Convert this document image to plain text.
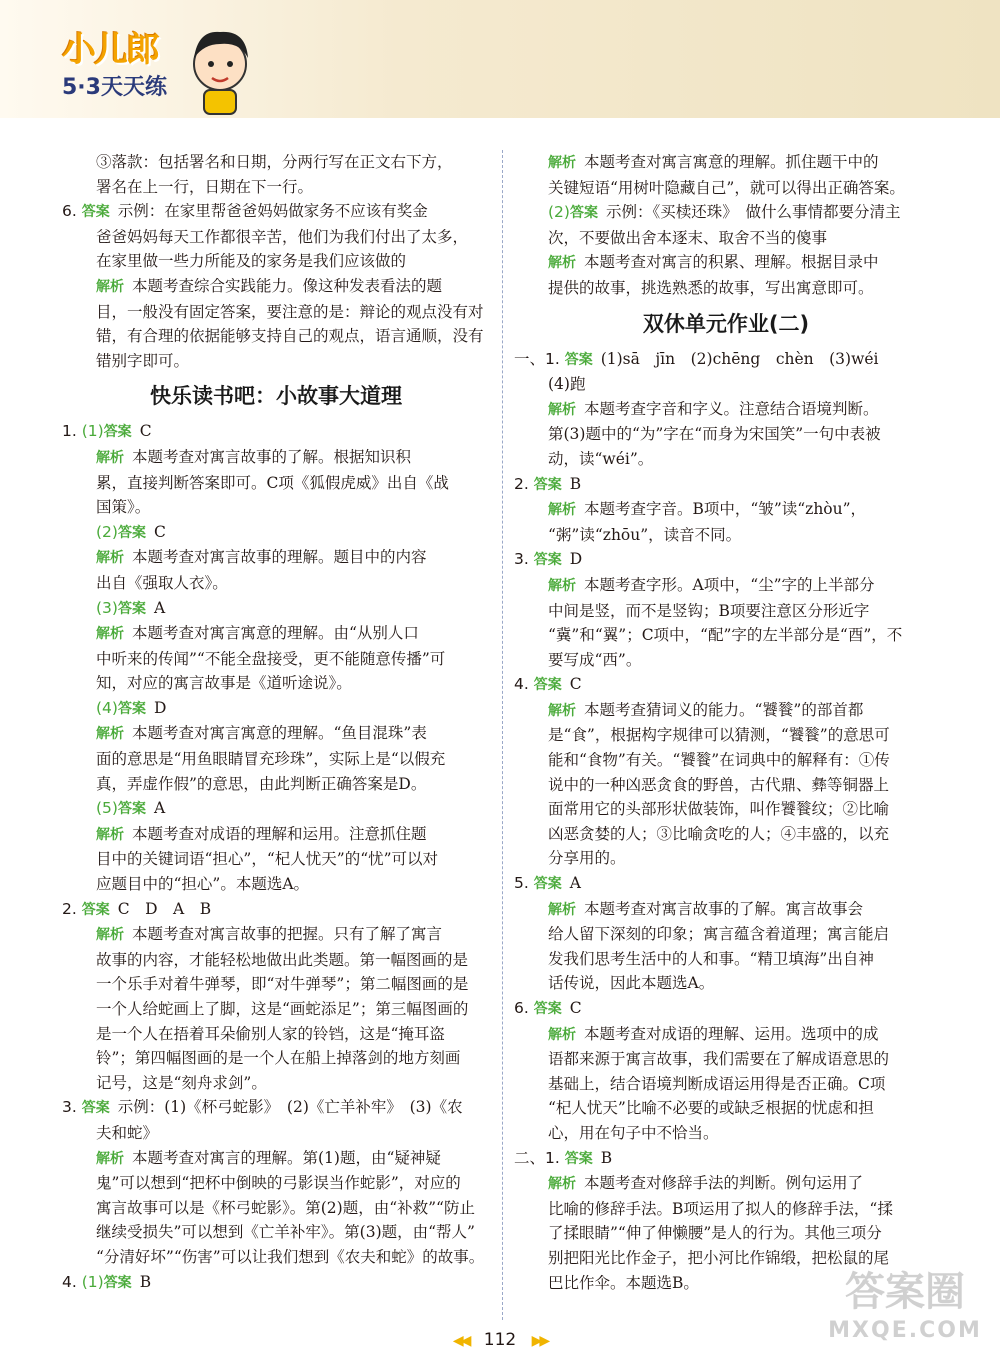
小儿郎
5·3天天练
③落款：包括署名和日期，分两行写在正文右下方，
署名在上一行，日期在下一行。
6. 答案 示例：在家里帮爸爸妈妈做家务不应该有奖金
爸爸妈妈每天工作都很辛苦，他们为我们付出了太多，
在家里做一些力所能及的家务是我们应该做的
解析 本题考查综合实践能力。像这种发表看法的题
目，一般没有固定答案，要注意的是：辩论的观点没有对
错，有合理的依据能够支持自己的观点，语言通顺，没有
错别字即可。
快乐读书吧：小故事大道理
1. (1)答案 C
解析 本题考查对寓言故事的了解。根据知识积
累，直接判断答案即可。C项《狐假虎威》出自《战
国策》。
(2)答案 C
解析 本题考查对寓言故事的理解。题目中的内容
出自《强取人衣》。
(3)答案 A
解析 本题考查对寓言寓意的理解。由“从别人口
中听来的传闻”“不能全盘接受，更不能随意传播”可
知，对应的寓言故事是《道听途说》。
(4)答案 D
解析 本题考查对寓言寓意的理解。“鱼目混珠”表
面的意思是“用鱼眼睛冒充珍珠”，实际上是“以假充
真，弄虚作假”的意思，由此判断正确答案是D。
(5)答案 A
解析 本题考查对成语的理解和运用。注意抓住题
目中的关键词语“担心”，“杞人忧天”的“忧”可以对
应题目中的“担心”。本题选A。
2. 答案 C　D　A　B
解析 本题考查对寓言故事的把握。只有了解了寓言
故事的内容，才能轻松地做出此类题。第一幅图画的是
一个乐手对着牛弹琴，即“对牛弹琴”；第二幅图画的是
一个人给蛇画上了脚，这是“画蛇添足”；第三幅图画的
是一个人在捂着耳朵偷别人家的铃铛，这是“掩耳盗
铃”；第四幅图画的是一个人在船上掉落剑的地方刻画
记号，这是“刻舟求剑”。
3. 答案 示例：(1)《杯弓蛇影》　(2)《亡羊补牢》　(3)《农
夫和蛇》
解析 本题考查对寓言的理解。第(1)题，由“疑神疑
鬼”可以想到“把杯中倒映的弓影误当作蛇影”，对应的
寓言故事可以是《杯弓蛇影》。第(2)题，由“补救”“防止
继续受损失”可以想到《亡羊补牢》。第(3)题，由“帮人”
“分清好坏”“伤害”可以让我们想到《农夫和蛇》的故事。
4. (1)答案 B
解析 本题考查对寓言寓意的理解。抓住题干中的
关键短语“用树叶隐藏自己”，就可以得出正确答案。
(2)答案 示例：《买椟还珠》　做什么事情都要分清主
次，不要做出舍本逐末、取舍不当的傻事
解析 本题考查对寓言的积累、理解。根据目录中
提供的故事，挑选熟悉的故事，写出寓意即可。
双休单元作业(二)
一、1. 答案 (1)sā　jīn　(2)chēng　chèn　(3)wéi
(4)跑
解析 本题考查字音和字义。注意结合语境判断。
第(3)题中的“为”字在“而身为宋国笑”一句中表被
动，读“wéi”。
2. 答案 B
解析 本题考查字音。B项中，“皱”读“zhòu”，
“粥”读“zhōu”，读音不同。
3. 答案 D
解析 本题考查字形。A项中，“尘”字的上半部分
中间是竖，而不是竖钩；B项要注意区分形近字
“冀”和“翼”；C项中，“配”字的左半部分是“酉”，不
要写成“西”。
4. 答案 C
解析 本题考查猜词义的能力。“饕餮”的部首都
是“食”，根据构字规律可以猜测，“饕餮”的意思可
能和“食物”有关。“饕餮”在词典中的解释有：①传
说中的一种凶恶贪食的野兽，古代鼎、彝等铜器上
面常用它的头部形状做装饰，叫作饕餮纹；②比喻
凶恶贪婪的人；③比喻贪吃的人；④丰盛的，以充
分享用的。
5. 答案 A
解析 本题考查对寓言故事的了解。寓言故事会
给人留下深刻的印象；寓言蕴含着道理；寓言能启
发我们思考生活中的人和事。“精卫填海”出自神
话传说，因此本题选A。
6. 答案 C
解析 本题考查对成语的理解、运用。选项中的成
语都来源于寓言故事，我们需要在了解成语意思的
基础上，结合语境判断成语运用得是否正确。C项
“杞人忧天”比喻不必要的或缺乏根据的忧虑和担
心，用在句子中不恰当。
二、1. 答案 B
解析 本题考查对修辞手法的判断。例句运用了
比喻的修辞手法。B项运用了拟人的修辞手法，“揉
了揉眼睛”“伸了伸懒腰”是人的行为。其他三项分
别把阳光比作金子，把小河比作锦缎，把松鼠的尾
巴比作伞。本题选B。
◀◀ 112 ▶▶
答案圈
MXQE.COM
